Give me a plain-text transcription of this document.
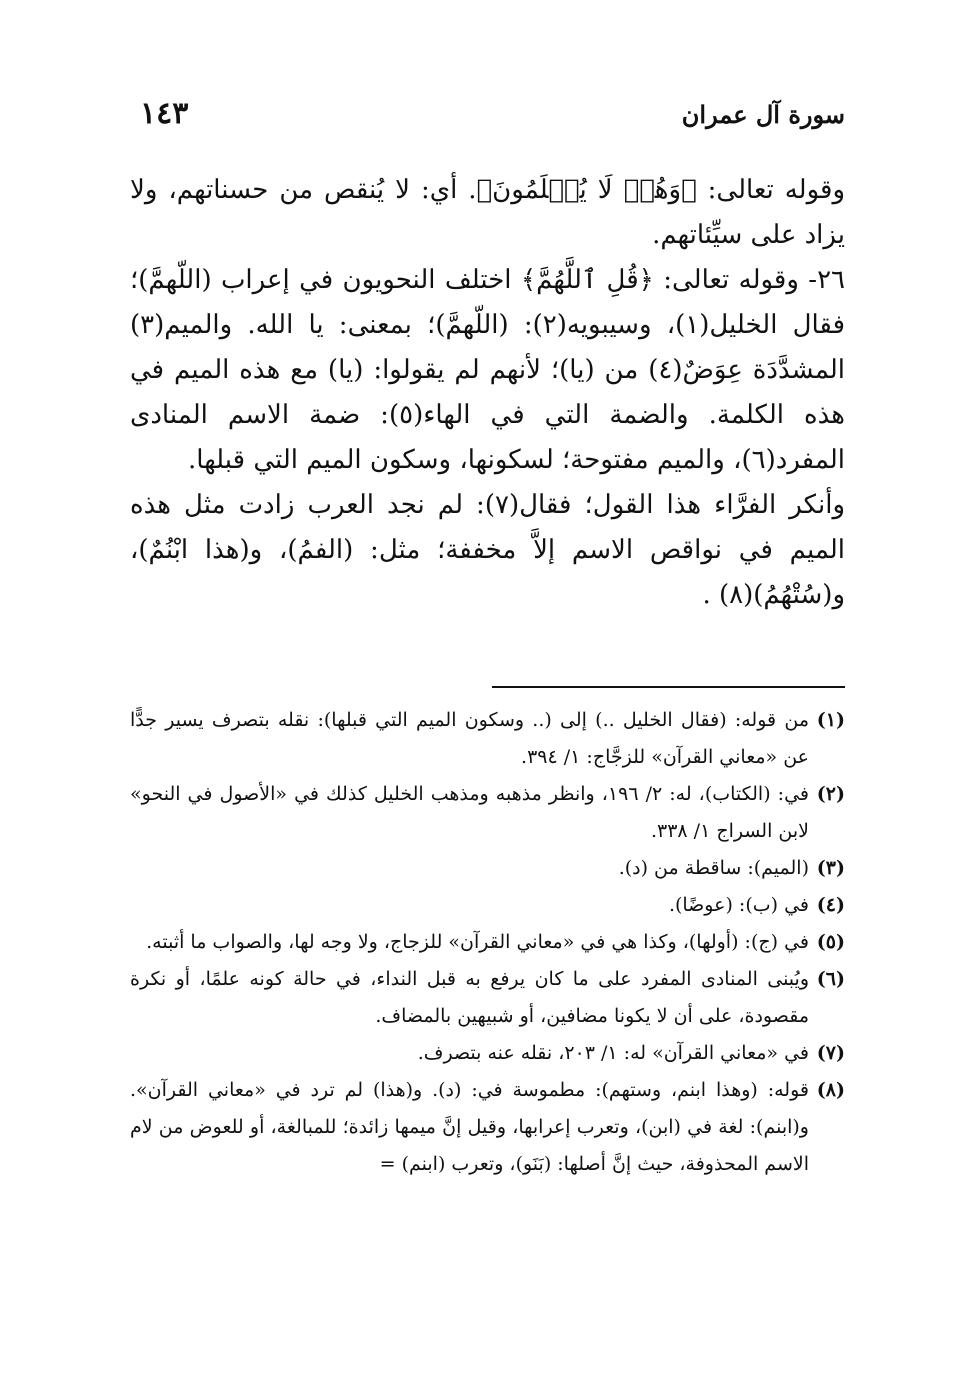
سورة آل عمران
١٤٣

وقوله تعالى: ﴿وَهُمۡ لَا يُظۡلَمُونَ﴾. أي: لا يُنقص من حسناتهم، ولا يزاد على سيِّئاتهم.

٢٦- وقوله تعالى: ﴿قُلِ ٱللَّهُمَّ﴾ اختلف النحويون في إعراب (اللّهمَّ)؛ فقال الخليل(١)، وسيبويه(٢): (اللّهمَّ)؛ بمعنى: يا الله. والميم(٣) المشدَّدَة عِوَضٌ(٤) من (يا)؛ لأنهم لم يقولوا: (يا) مع هذه الميم في هذه الكلمة. والضمة التي في الهاء(٥): ضمة الاسم المنادى المفرد(٦)، والميم مفتوحة؛ لسكونها، وسكون الميم التي قبلها.

وأنكر الفرَّاء هذا القول؛ فقال(٧): لم نجد العرب زادت مثل هذه الميم في نواقص الاسم إلاَّ مخففة؛ مثل: (الفمُ)، و(هذا ابْنُمٌ)، و(سُتْهُمُ)(٨) .

(١)
من قوله: (فقال الخليل ..) إلى (.. وسكون الميم التي قبلها): نقله بتصرف يسير جدًّا عن «معاني القرآن» للزجَّاج: ١/ ٣٩٤.
(٢)
في: (الكتاب)، له: ٢/ ١٩٦، وانظر مذهبه ومذهب الخليل كذلك في «الأصول في النحو» لابن السراج ١/ ٣٣٨.
(٣)
(الميم): ساقطة من (د).
(٤)
في (ب): (عوضًا).
(٥)
في (ج): (أولها)، وكذا هي في «معاني القرآن» للزجاج، ولا وجه لها، والصواب ما أثبته.
(٦)
ويُبنى المنادى المفرد على ما كان يرفع به قبل النداء، في حالة كونه علمًا، أو نكرة مقصودة، على أن لا يكونا مضافين، أو شبيهين بالمضاف.
(٧)
في «معاني القرآن» له: ١/ ٢٠٣، نقله عنه بتصرف.
(٨)
قوله: (وهذا ابنم، وستهم): مطموسة في: (د). و(هذا) لم ترد في «معاني القرآن». و(ابنم): لغة في (ابن)، وتعرب إعرابها، وقيل إنَّ ميمها زائدة؛ للمبالغة، أو للعوض من لام الاسم المحذوفة، حيث إنَّ أصلها: (بَنَو)، وتعرب (ابنم) =
